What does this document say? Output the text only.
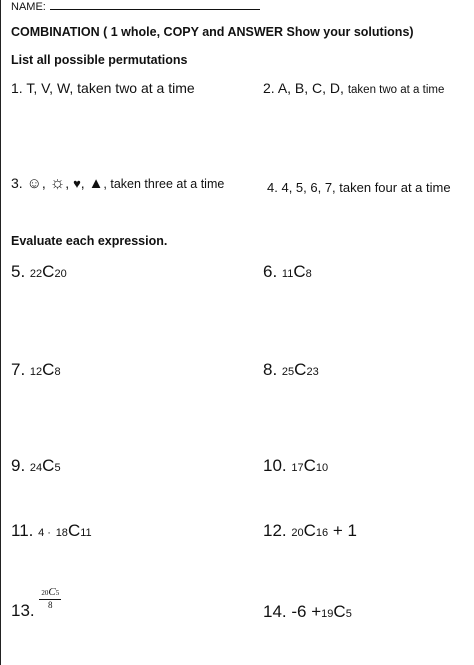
NAME:
COMBINATION ( 1 whole, COPY and ANSWER Show your solutions)
List all possible permutations
1. T, V, W, taken two at a time	2. A, B, C, D, taken two at a time
3. ☺, ☼, ♥, ▲, taken three at a time	4. 4, 5, 6, 7, taken four at a time
Evaluate each expression.
5. 22C20	6. 11C8
7. 12C8	8. 25C23
9. 24C5	10. 17C10
11. 4 · 18C11	12. 20C16 + 1
13. $\frac{20C5}{8}$
14. -6 +19C5
